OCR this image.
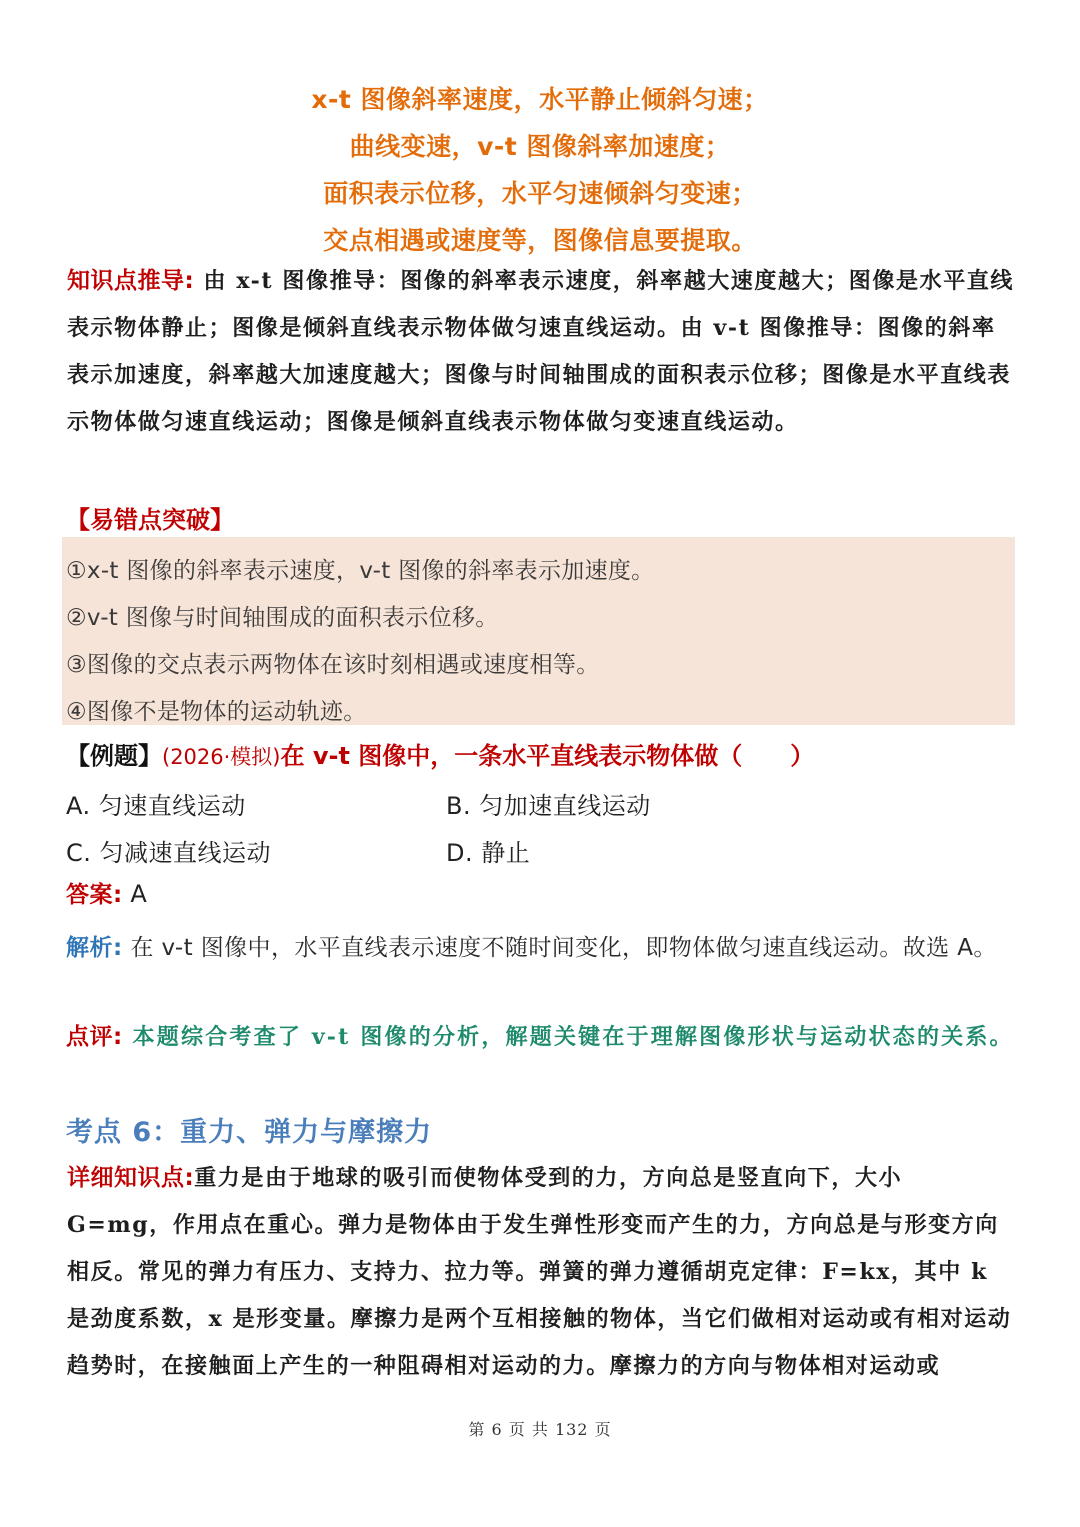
x-t 图像斜率速度，水平静止倾斜匀速；
曲线变速，v-t 图像斜率加速度；
面积表示位移，水平匀速倾斜匀变速；
交点相遇或速度等，图像信息要提取。
知识点推导: 由 x-t 图像推导：图像的斜率表示速度，斜率越大速度越大；图像是水平直线表示物体静止；图像是倾斜直线表示物体做匀速直线运动。由 v-t 图像推导：图像的斜率表示加速度，斜率越大加速度越大；图像与时间轴围成的面积表示位移；图像是水平直线表示物体做匀速直线运动；图像是倾斜直线表示物体做匀变速直线运动。
【易错点突破】
①x-t 图像的斜率表示速度，v-t 图像的斜率表示加速度。
②v-t 图像与时间轴围成的面积表示位移。
③图像的交点表示两物体在该时刻相遇或速度相等。
④图像不是物体的运动轨迹。
【例题】(2026·模拟)在 v-t 图像中，一条水平直线表示物体做（　　）
A. 匀速直线运动	B. 匀加速直线运动
C. 匀减速直线运动	D. 静止
答案: A
解析: 在 v-t 图像中，水平直线表示速度不随时间变化，即物体做匀速直线运动。故选 A。
点评: 本题综合考查了 v-t 图像的分析，解题关键在于理解图像形状与运动状态的关系。
考点 6：重力、弹力与摩擦力
详细知识点:重力是由于地球的吸引而使物体受到的力，方向总是竖直向下，大小 G=mg，作用点在重心。弹力是物体由于发生弹性形变而产生的力，方向总是与形变方向相反。常见的弹力有压力、支持力、拉力等。弹簧的弹力遵循胡克定律：F=kx，其中 k 是劲度系数，x 是形变量。摩擦力是两个互相接触的物体，当它们做相对运动或有相对运动趋势时，在接触面上产生的一种阻碍相对运动的力。摩擦力的方向与物体相对运动或
第 6 页 共 132 页
